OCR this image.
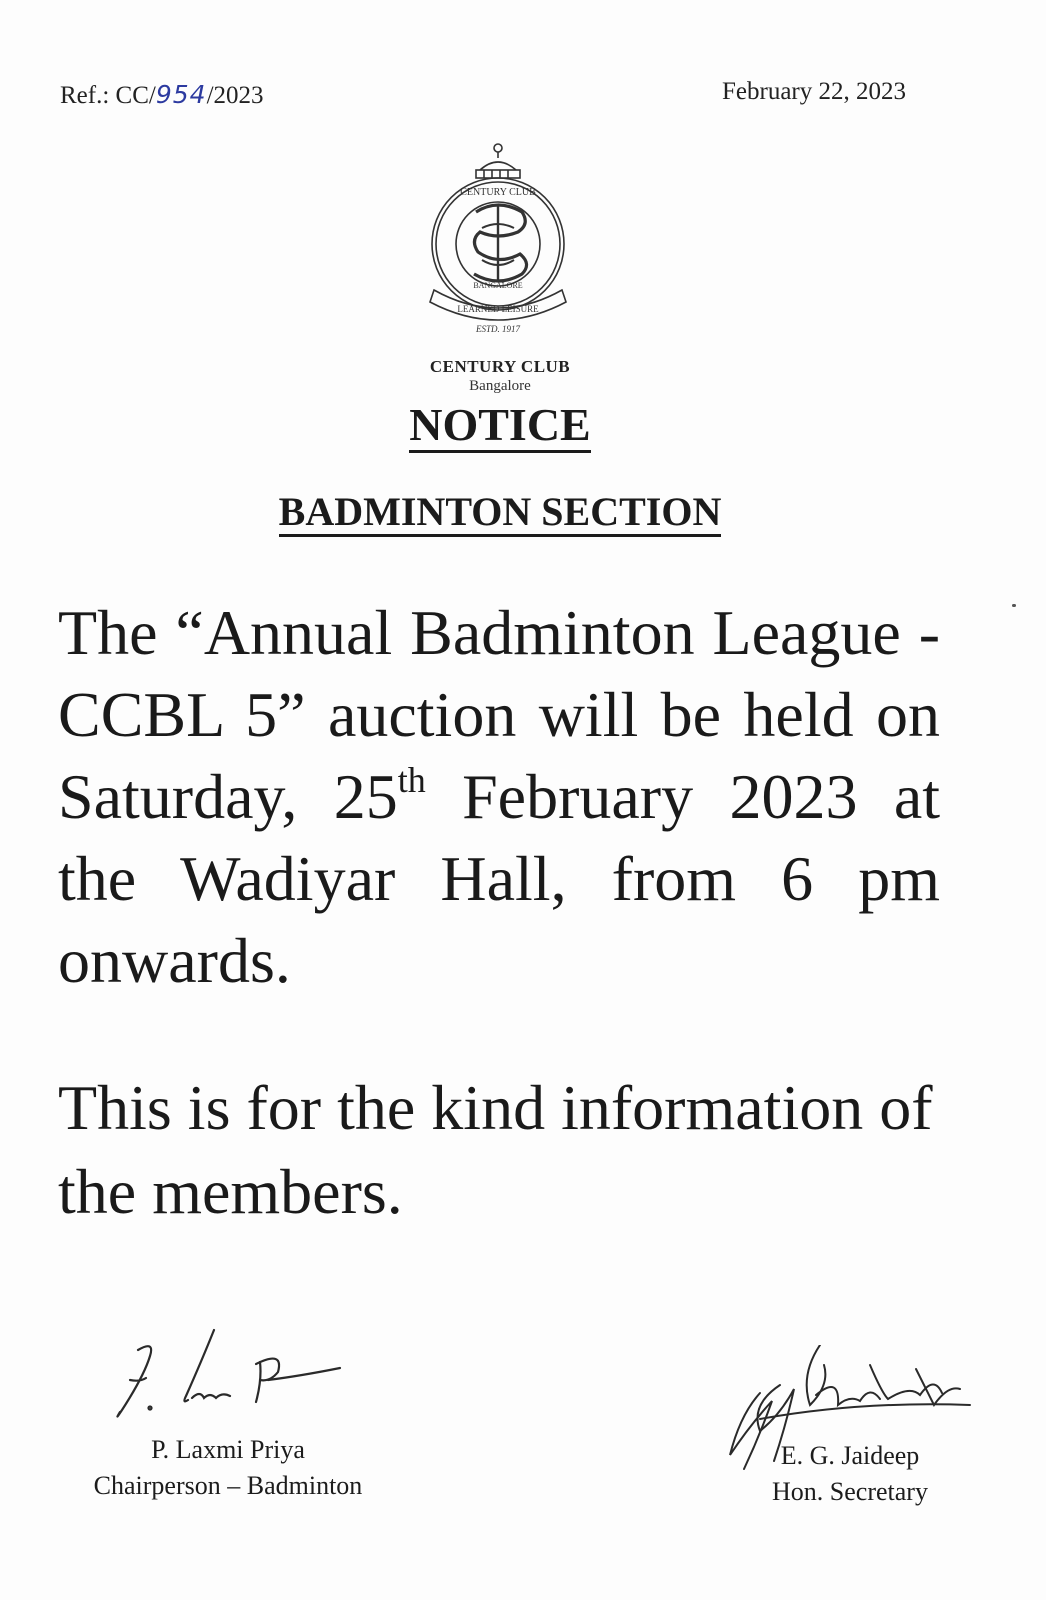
Ref.: CC/954/2023	February 22, 2023
CENTURY CLUB
BANGALORE
LEARNED LEISURE
ESTD. 1917
CENTURY CLUB
Bangalore
NOTICE
BADMINTON SECTION
The “Annual Badminton League - CCBL 5” auction will be held on Saturday, 25th February 2023 at the Wadiyar Hall, from 6 pm onwards.
This is for the kind information of the members.
P. Laxmi Priya
Chairperson – Badminton
E. G. Jaideep
Hon. Secretary
